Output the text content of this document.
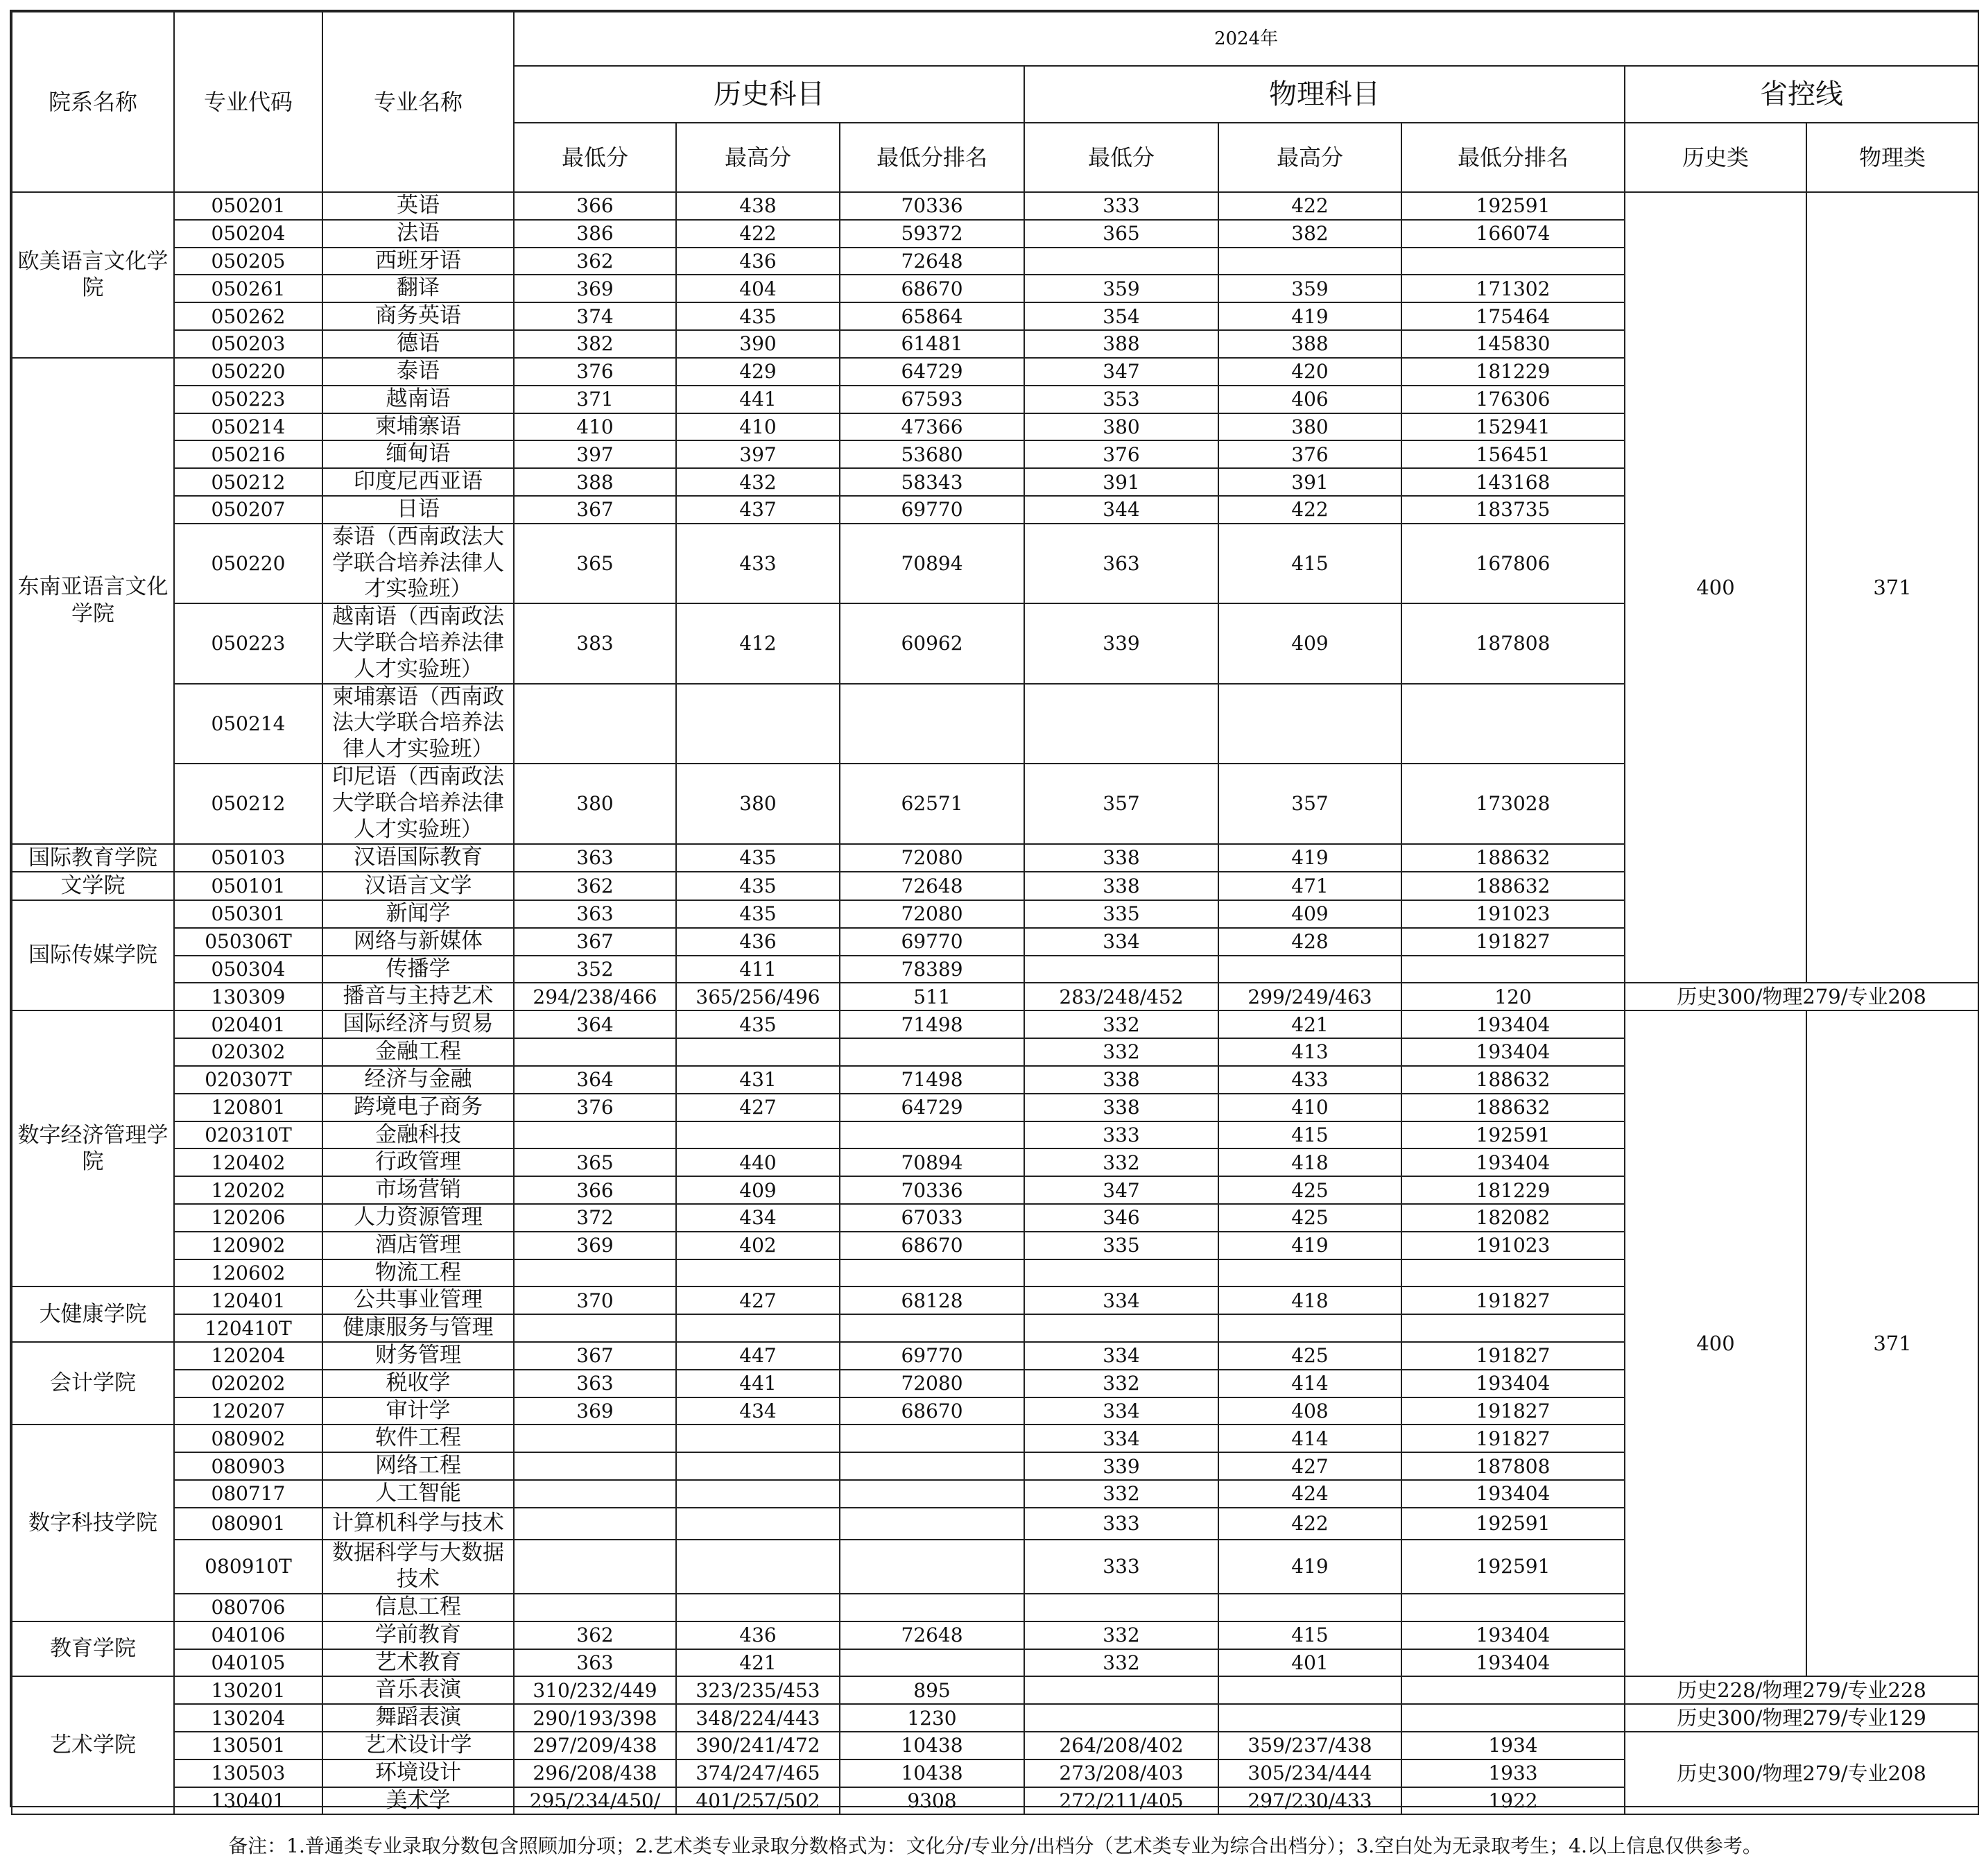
院系名称	专业代码	专业名称	2024年							
			历史科目			物理科目			省控线	
			最低分	最高分	最低分排名	最低分	最高分	最低分排名	历史类	物理类
欧美语言文化学院	050201	英语	366	438	70336	333	422	192591	400	371
	050204	法语	386	422	59372	365	382	166074		
	050205	西班牙语	362	436	72648					
	050261	翻译	369	404	68670	359	359	171302		
	050262	商务英语	374	435	65864	354	419	175464		
	050203	德语	382	390	61481	388	388	145830		
东南亚语言文化学院	050220	泰语	376	429	64729	347	420	181229		
	050223	越南语	371	441	67593	353	406	176306		
	050214	柬埔寨语	410	410	47366	380	380	152941		
	050216	缅甸语	397	397	53680	376	376	156451		
	050212	印度尼西亚语	388	432	58343	391	391	143168		
	050207	日语	367	437	69770	344	422	183735		
	050220	泰语（西南政法大学联合培养法律人才实验班）	365	433	70894	363	415	167806		
	050223	越南语（西南政法大学联合培养法律人才实验班）	383	412	60962	339	409	187808		
	050214	柬埔寨语（西南政法大学联合培养法律人才实验班）								
	050212	印尼语（西南政法大学联合培养法律人才实验班）	380	380	62571	357	357	173028		
国际教育学院	050103	汉语国际教育	363	435	72080	338	419	188632		
文学院	050101	汉语言文学	362	435	72648	338	471	188632		
国际传媒学院	050301	新闻学	363	435	72080	335	409	191023		
	050306T	网络与新媒体	367	436	69770	334	428	191827		
	050304	传播学	352	411	78389					
	130309	播音与主持艺术	294/238/466	365/256/496	511	283/248/452	299/249/463	120	历史300/物理279/专业208	
数字经济管理学院	020401	国际经济与贸易	364	435	71498	332	421	193404	400	371
	020302	金融工程				332	413	193404		
	020307T	经济与金融	364	431	71498	338	433	188632		
	120801	跨境电子商务	376	427	64729	338	410	188632		
	020310T	金融科技				333	415	192591		
	120402	行政管理	365	440	70894	332	418	193404		
	120202	市场营销	366	409	70336	347	425	181229		
	120206	人力资源管理	372	434	67033	346	425	182082		
	120902	酒店管理	369	402	68670	335	419	191023		
	120602	物流工程								
大健康学院	120401	公共事业管理	370	427	68128	334	418	191827		
	120410T	健康服务与管理								
会计学院	120204	财务管理	367	447	69770	334	425	191827		
	020202	税收学	363	441	72080	332	414	193404		
	120207	审计学	369	434	68670	334	408	191827		
数字科技学院	080902	软件工程				334	414	191827		
	080903	网络工程				339	427	187808		
	080717	人工智能				332	424	193404		
	080901	计算机科学与技术				333	422	192591		
	080910T	数据科学与大数据技术				333	419	192591		
	080706	信息工程								
教育学院	040106	学前教育	362	436	72648	332	415	193404		
	040105	艺术教育	363	421		332	401	193404		
艺术学院	130201	音乐表演	310/232/449	323/235/453	895				历史228/物理279/专业228	
	130204	舞蹈表演	290/193/398	348/224/443	1230				历史300/物理279/专业129	
	130501	艺术设计学	297/209/438	390/241/472	10438	264/208/402	359/237/438	1934	历史300/物理279/专业208	
	130503	环境设计	296/208/438	374/247/465	10438	273/208/403	305/234/444	1933		
	130401	美术学	295/234/450/	401/257/502	9308	272/211/405	297/230/433	1922		
备注：1.普通类专业录取分数包含照顾加分项；2.艺术类专业录取分数格式为：文化分/专业分/出档分（艺术类专业为综合出档分）；3.空白处为无录取考生；4.以上信息仅供参考。										
